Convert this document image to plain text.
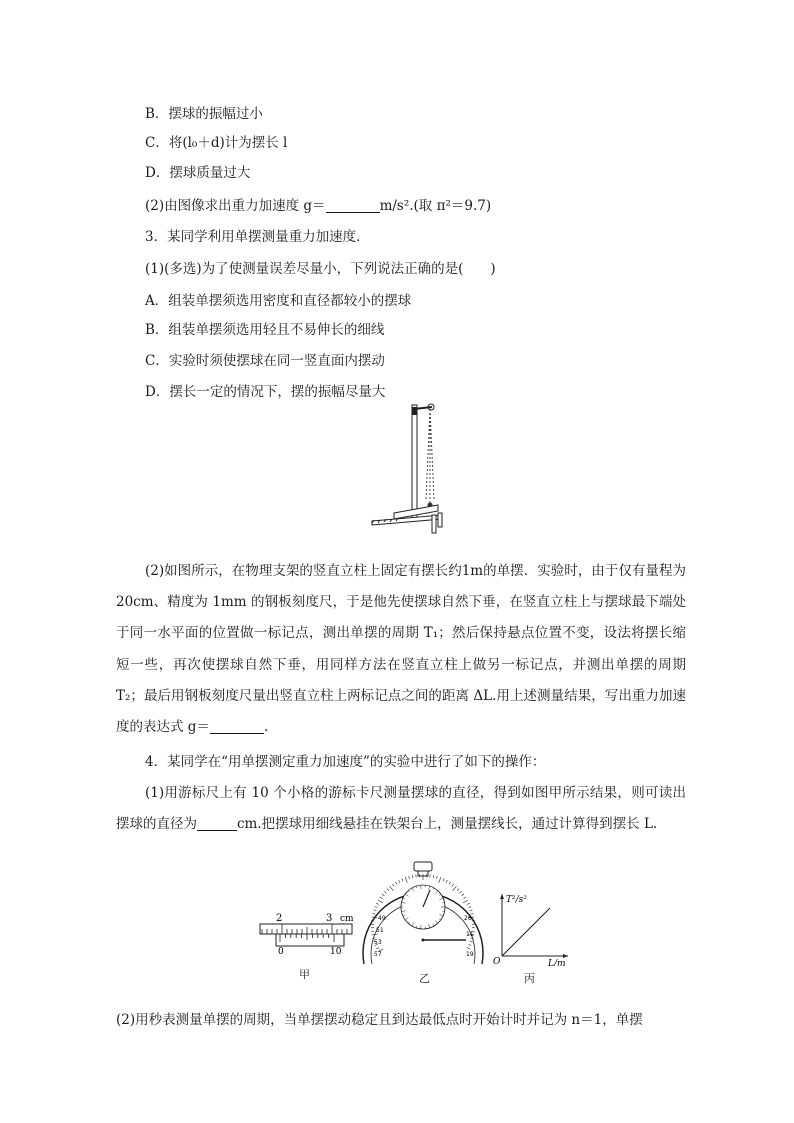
B．摆球的振幅过小
C．将(l₀＋d)计为摆长 l
D．摆球质量过大
(2)由图像求出重力加速度 g＝	m/s².(取 π²＝9.7)
3．某同学利用单摆测量重力加速度．
(1)(多选)为了使测量误差尽量小，下列说法正确的是(　　)
A．组装单摆须选用密度和直径都较小的摆球
B．组装单摆须选用轻且不易伸长的细线
C．实验时须使摆球在同一竖直面内摆动
D．摆长一定的情况下，摆的振幅尽量大
(2)如图所示，在物理支架的竖直立柱上固定有摆长约1m的单摆．实验时，由于仅有量程为 20cm、精度为 1mm 的钢板刻度尺，于是他先使摆球自然下垂，在竖直立柱上与摆球最下端处于同一水平面的位置做一标记点，测出单摆的周期 T₁；然后保持悬点位置不变，设法将摆长缩短一些，再次使摆球自然下垂，用同样方法在竖直立柱上做另一标记点，并测出单摆的周期 T₂；最后用钢板刻度尺量出竖直立柱上两标记点之间的距离 ΔL.用上述测量结果，写出重力加速度的表达式 g＝	.
4．某同学在“用单摆测定重力加速度”的实验中进行了如下的操作：
(1)用游标尺上有 10 个小格的游标卡尺测量摆球的直径，得到如图甲所示结果，则可读出摆球的直径为	cm.把摆球用细线悬挂在铁架台上，测量摆线长，通过计算得到摆长 L.
2	3 cm
0	10
甲
49
51
53
57
26
11
19
乙
T²/s²
L/m
O
丙
(2)用秒表测量单摆的周期，当单摆摆动稳定且到达最低点时开始计时并记为 n＝1，单摆
